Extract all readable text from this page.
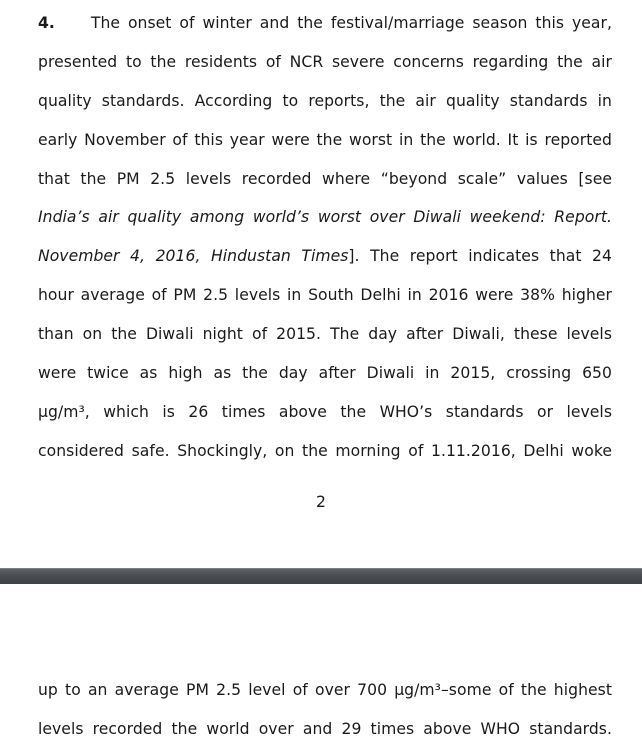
4. The onset of winter and the festival/marriage season this year,
presented to the residents of NCR severe concerns regarding the air
quality standards. According to reports, the air quality standards in
early November of this year were the worst in the world. It is reported
that the PM 2.5 levels recorded where “beyond scale” values [see
India’s air quality among world’s worst over Diwali weekend: Report.
November 4, 2016, Hindustan Times]. The report indicates that 24
hour average of PM 2.5 levels in South Delhi in 2016 were 38% higher
than on the Diwali night of 2015. The day after Diwali, these levels
were twice as high as the day after Diwali in 2015, crossing 650
μg/m³, which is 26 times above the WHO’s standards or levels
considered safe. Shockingly, on the morning of 1.11.2016, Delhi woke
2
up to an average PM 2.5 level of over 700 μg/m³–some of the highest
levels recorded the world over and 29 times above WHO standards.
